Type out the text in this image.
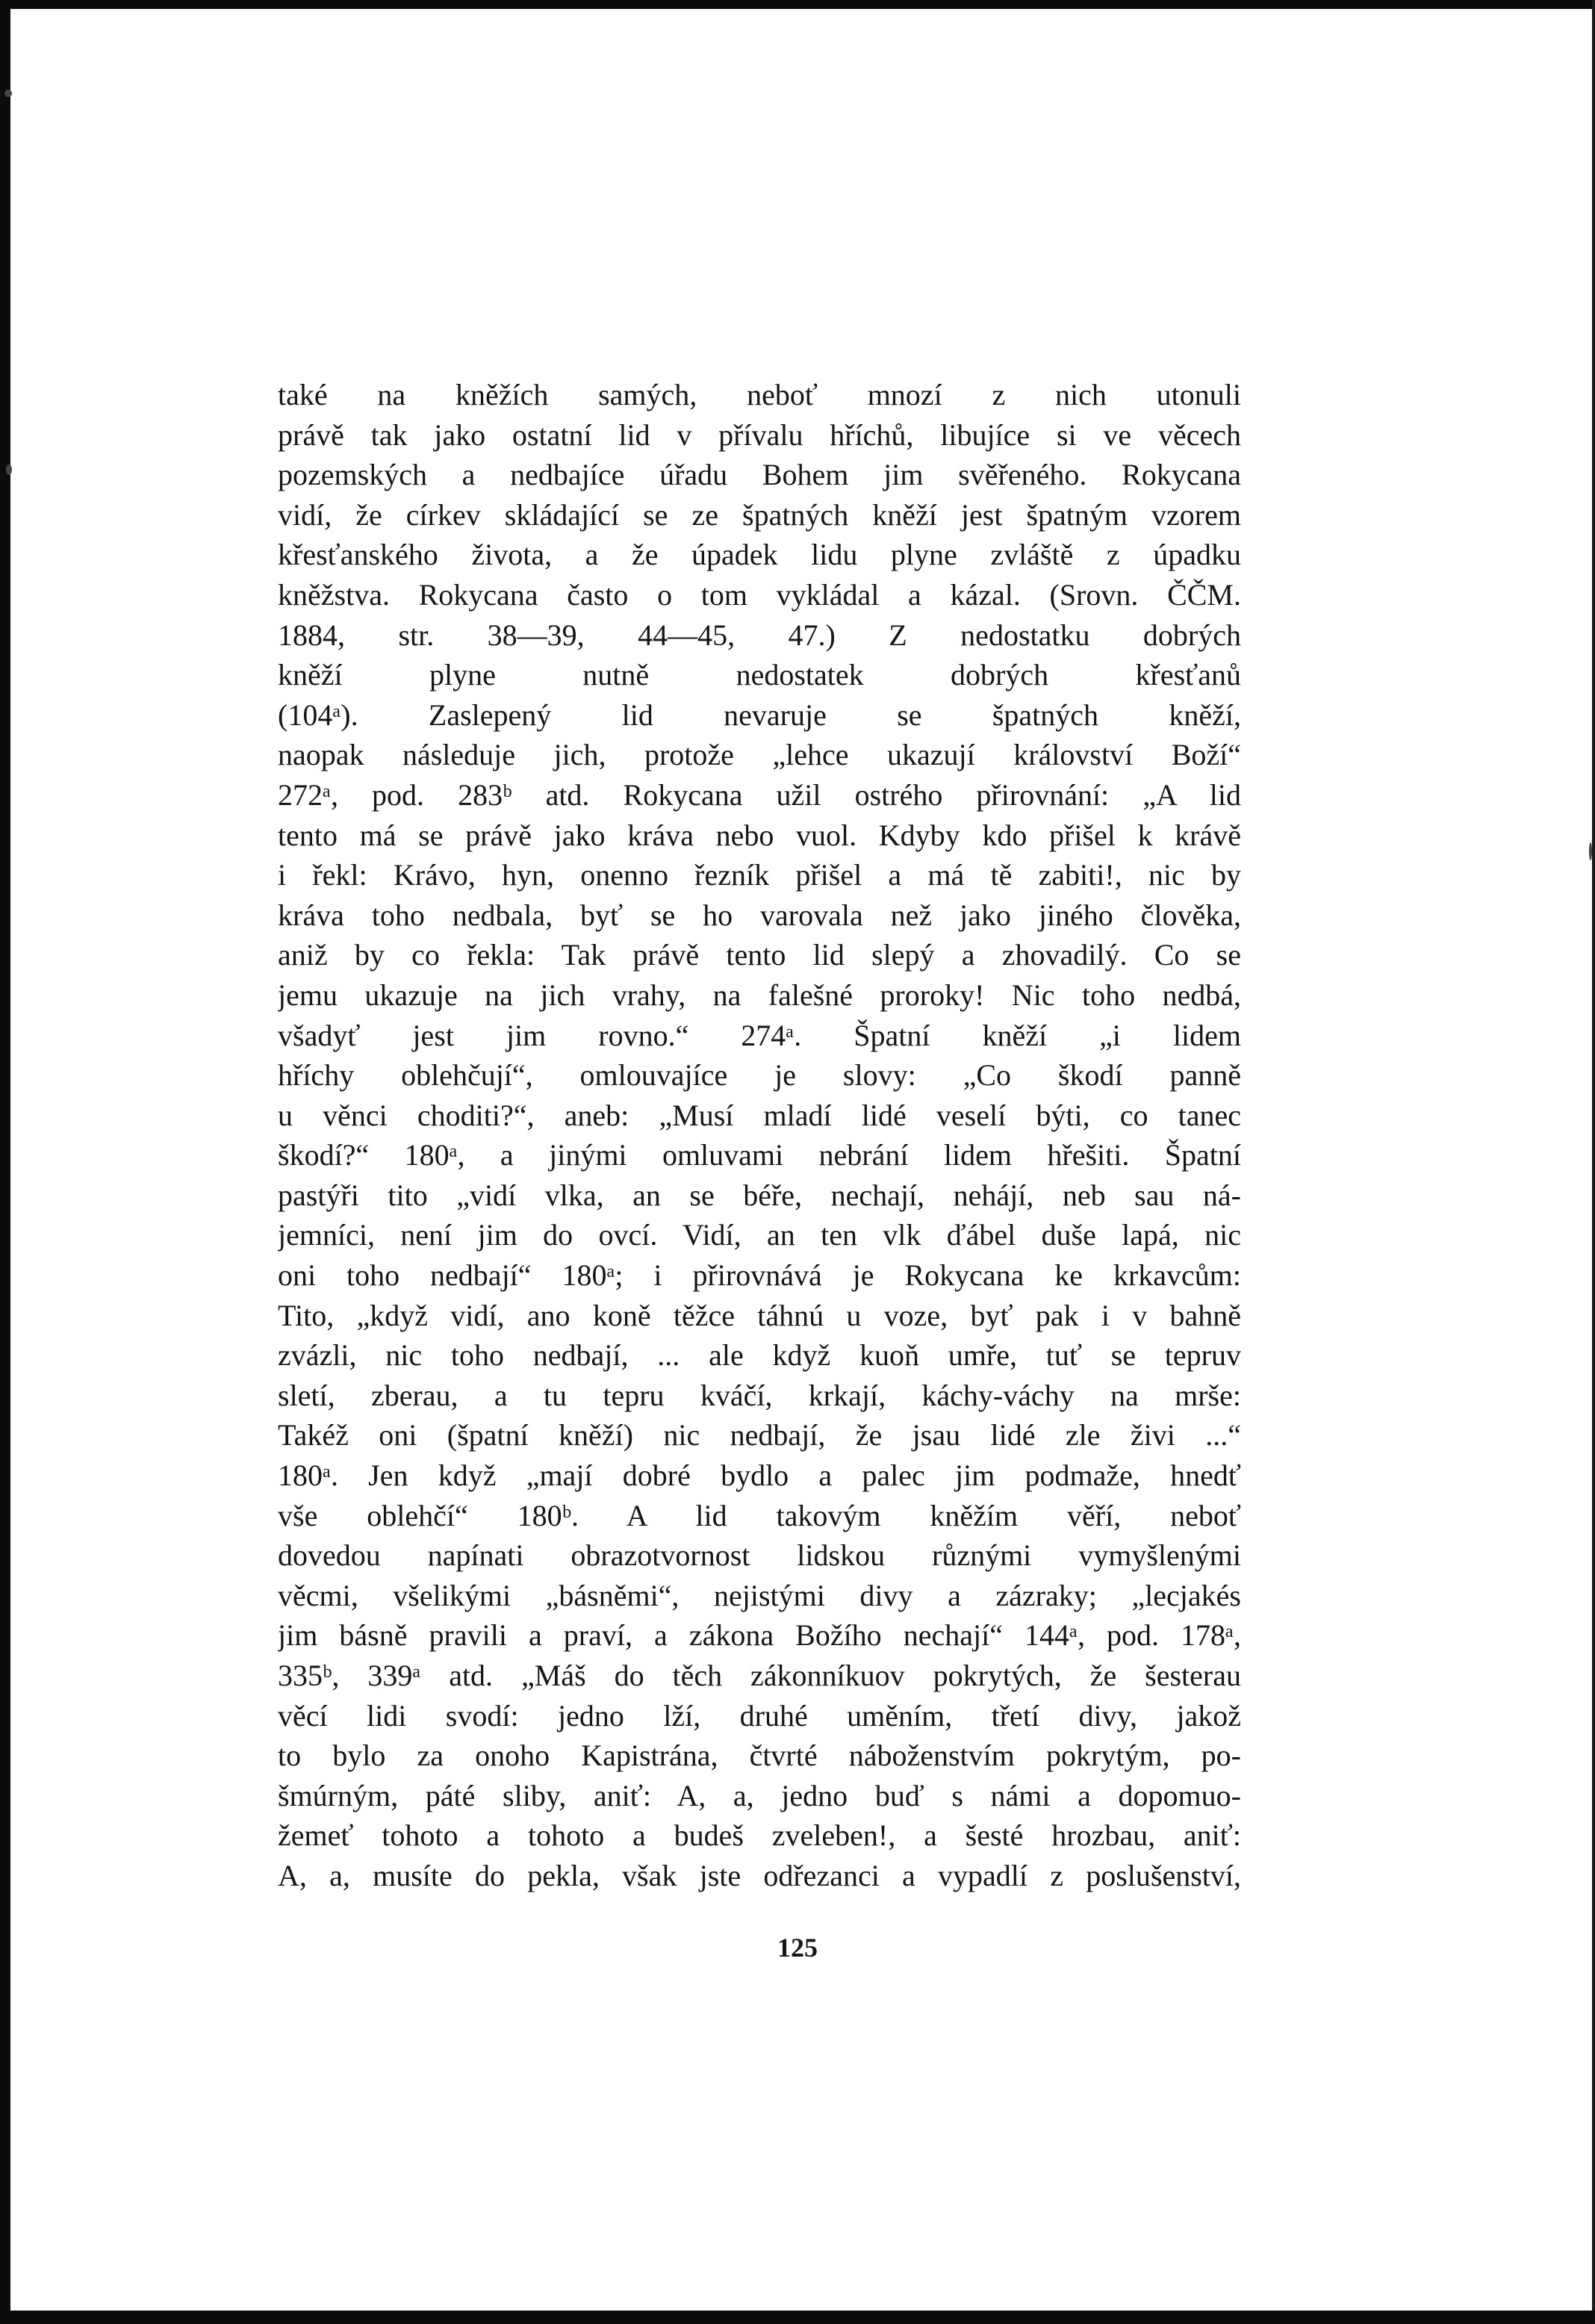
také na kněžích samých, neboť mnozí z nich utonuli
právě tak jako ostatní lid v přívalu hříchů, libujíce si ve věcech
pozemských a nedbajíce úřadu Bohem jim svěřeného. Rokycana
vidí, že církev skládající se ze špatných kněží jest špatným vzorem
křesťanského života, a že úpadek lidu plyne zvláště z úpadku
kněžstva. Rokycana často o tom vykládal a kázal. (Srovn. ČČM.
1884, str. 38—39, 44—45, 47.) Z nedostatku dobrých
kněží plyne nutně nedostatek dobrých křesťanů
(104ᵃ). Zaslepený lid nevaruje se špatných kněží,
naopak následuje jich, protože „lehce ukazují království Boží“
272ᵃ, pod. 283ᵇ atd. Rokycana užil ostrého přirovnání: „A lid
tento má se právě jako kráva nebo vuol. Kdyby kdo přišel k krávě
i řekl: Krávo, hyn, onenno řezník přišel a má tě zabiti!, nic by
kráva toho nedbala, byť se ho varovala než jako jiného člověka,
aniž by co řekla: Tak právě tento lid slepý a zhovadilý. Co se
jemu ukazuje na jich vrahy, na falešné proroky! Nic toho nedbá,
všadyť jest jim rovno.“ 274ᵃ. Špatní kněží „i lidem
hříchy oblehčují“, omlouvajíce je slovy: „Co škodí panně
u věnci choditi?“, aneb: „Musí mladí lidé veselí býti, co tanec
škodí?“ 180ᵃ, a jinými omluvami nebrání lidem hřešiti. Špatní
pastýři tito „vidí vlka, an se béře, nechají, nehájí, neb sau ná-
jemníci, není jim do ovcí. Vidí, an ten vlk ďábel duše lapá, nic
oni toho nedbají“ 180ᵃ; i přirovnává je Rokycana ke krkavcům:
Tito, „když vidí, ano koně těžce táhnú u voze, byť pak i v bahně
zvázli, nic toho nedbají, ... ale když kuoň umře, tuť se tepruv
sletí, zberau, a tu tepru kváčí, krkají, káchy-váchy na mrše:
Takéž oni (špatní kněží) nic nedbají, že jsau lidé zle živi ...“
180ᵃ. Jen když „mají dobré bydlo a palec jim podmaže, hnedť
vše oblehčí“ 180ᵇ. A lid takovým kněžím věří, neboť
dovedou napínati obrazotvornost lidskou různými vymyšlenými
věcmi, všelikými „básněmi“, nejistými divy a zázraky; „lecjakés
jim básně pravili a praví, a zákona Božího nechají“ 144ᵃ, pod. 178ᵃ,
335ᵇ, 339ᵃ atd. „Máš do těch zákonníkuov pokrytých, že šesterau
věcí lidi svodí: jedno lží, druhé uměním, třetí divy, jakož
to bylo za onoho Kapistrána, čtvrté náboženstvím pokrytým, po-
šmúrným, páté sliby, aniť: A, a, jedno buď s námi a dopomuo-
žemeť tohoto a tohoto a budeš zveleben!, a šesté hrozbau, aniť:
A, a, musíte do pekla, však jste odřezanci a vypadlí z poslušenství,
125
